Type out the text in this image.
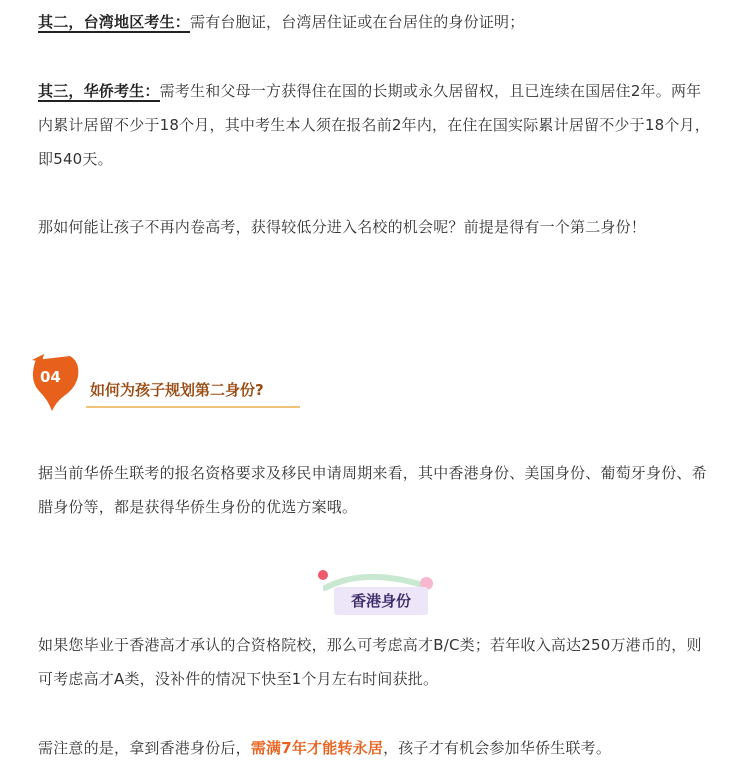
其二，台湾地区考生：需有台胞证，台湾居住证或在台居住的身份证明；
其三，华侨考生：需考生和父母一方获得住在国的长期或永久居留权，且已连续在国居住2年。两年内累计居留不少于18个月，其中考生本人须在报名前2年内，在住在国实际累计居留不少于18个月，即540天。
那如何能让孩子不再内卷高考，获得较低分进入名校的机会呢？前提是得有一个第二身份！
04
如何为孩子规划第二身份?
据当前华侨生联考的报名资格要求及移民申请周期来看，其中香港身份、美国身份、葡萄牙身份、希腊身份等，都是获得华侨生身份的优选方案哦。
香港身份
如果您毕业于香港高才承认的合资格院校，那么可考虑高才B/C类；若年收入高达250万港币的，则可考虑高才A类，没补件的情况下快至1个月左右时间获批。
需注意的是，拿到香港身份后，需满7年才能转永居，孩子才有机会参加华侨生联考。
